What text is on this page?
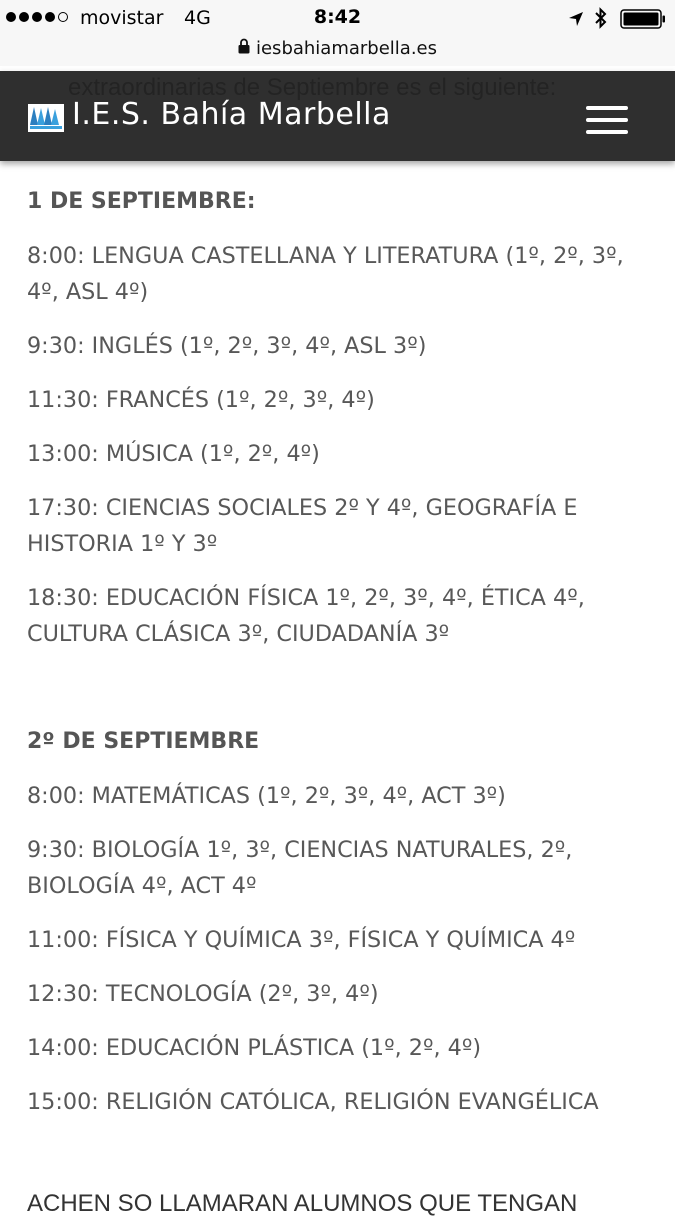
movistar 4G	8:42
iesbahiamarbella.es
I.E.S. Bahía Marbella
1 DE SEPTIEMBRE:

8:00: LENGUA CASTELLANA Y LITERATURA (1º, 2º, 3º, 4º, ASL 4º)

9:30: INGLÉS (1º, 2º, 3º, 4º, ASL 3º)

11:30: FRANCÉS (1º, 2º, 3º, 4º)

13:00: MÚSICA (1º, 2º, 4º)

17:30: CIENCIAS SOCIALES 2º Y 4º, GEOGRAFÍA E HISTORIA 1º Y 3º

18:30: EDUCACIÓN FÍSICA 1º, 2º, 3º, 4º, ÉTICA 4º, CULTURA CLÁSICA 3º, CIUDADANÍA 3º

2º DE SEPTIEMBRE

8:00: MATEMÁTICAS (1º, 2º, 3º, 4º, ACT 3º)

9:30: BIOLOGÍA 1º, 3º, CIENCIAS NATURALES, 2º, BIOLOGÍA 4º, ACT 4º

11:00: FÍSICA Y QUÍMICA 3º, FÍSICA Y QUÍMICA 4º

12:30: TECNOLOGÍA (2º, 3º, 4º)

14:00: EDUCACIÓN PLÁSTICA (1º, 2º, 4º)

15:00: RELIGIÓN CATÓLICA, RELIGIÓN EVANGÉLICA

ACHEN SO LLAMARAN ALUMNOS QUE TENGAN
